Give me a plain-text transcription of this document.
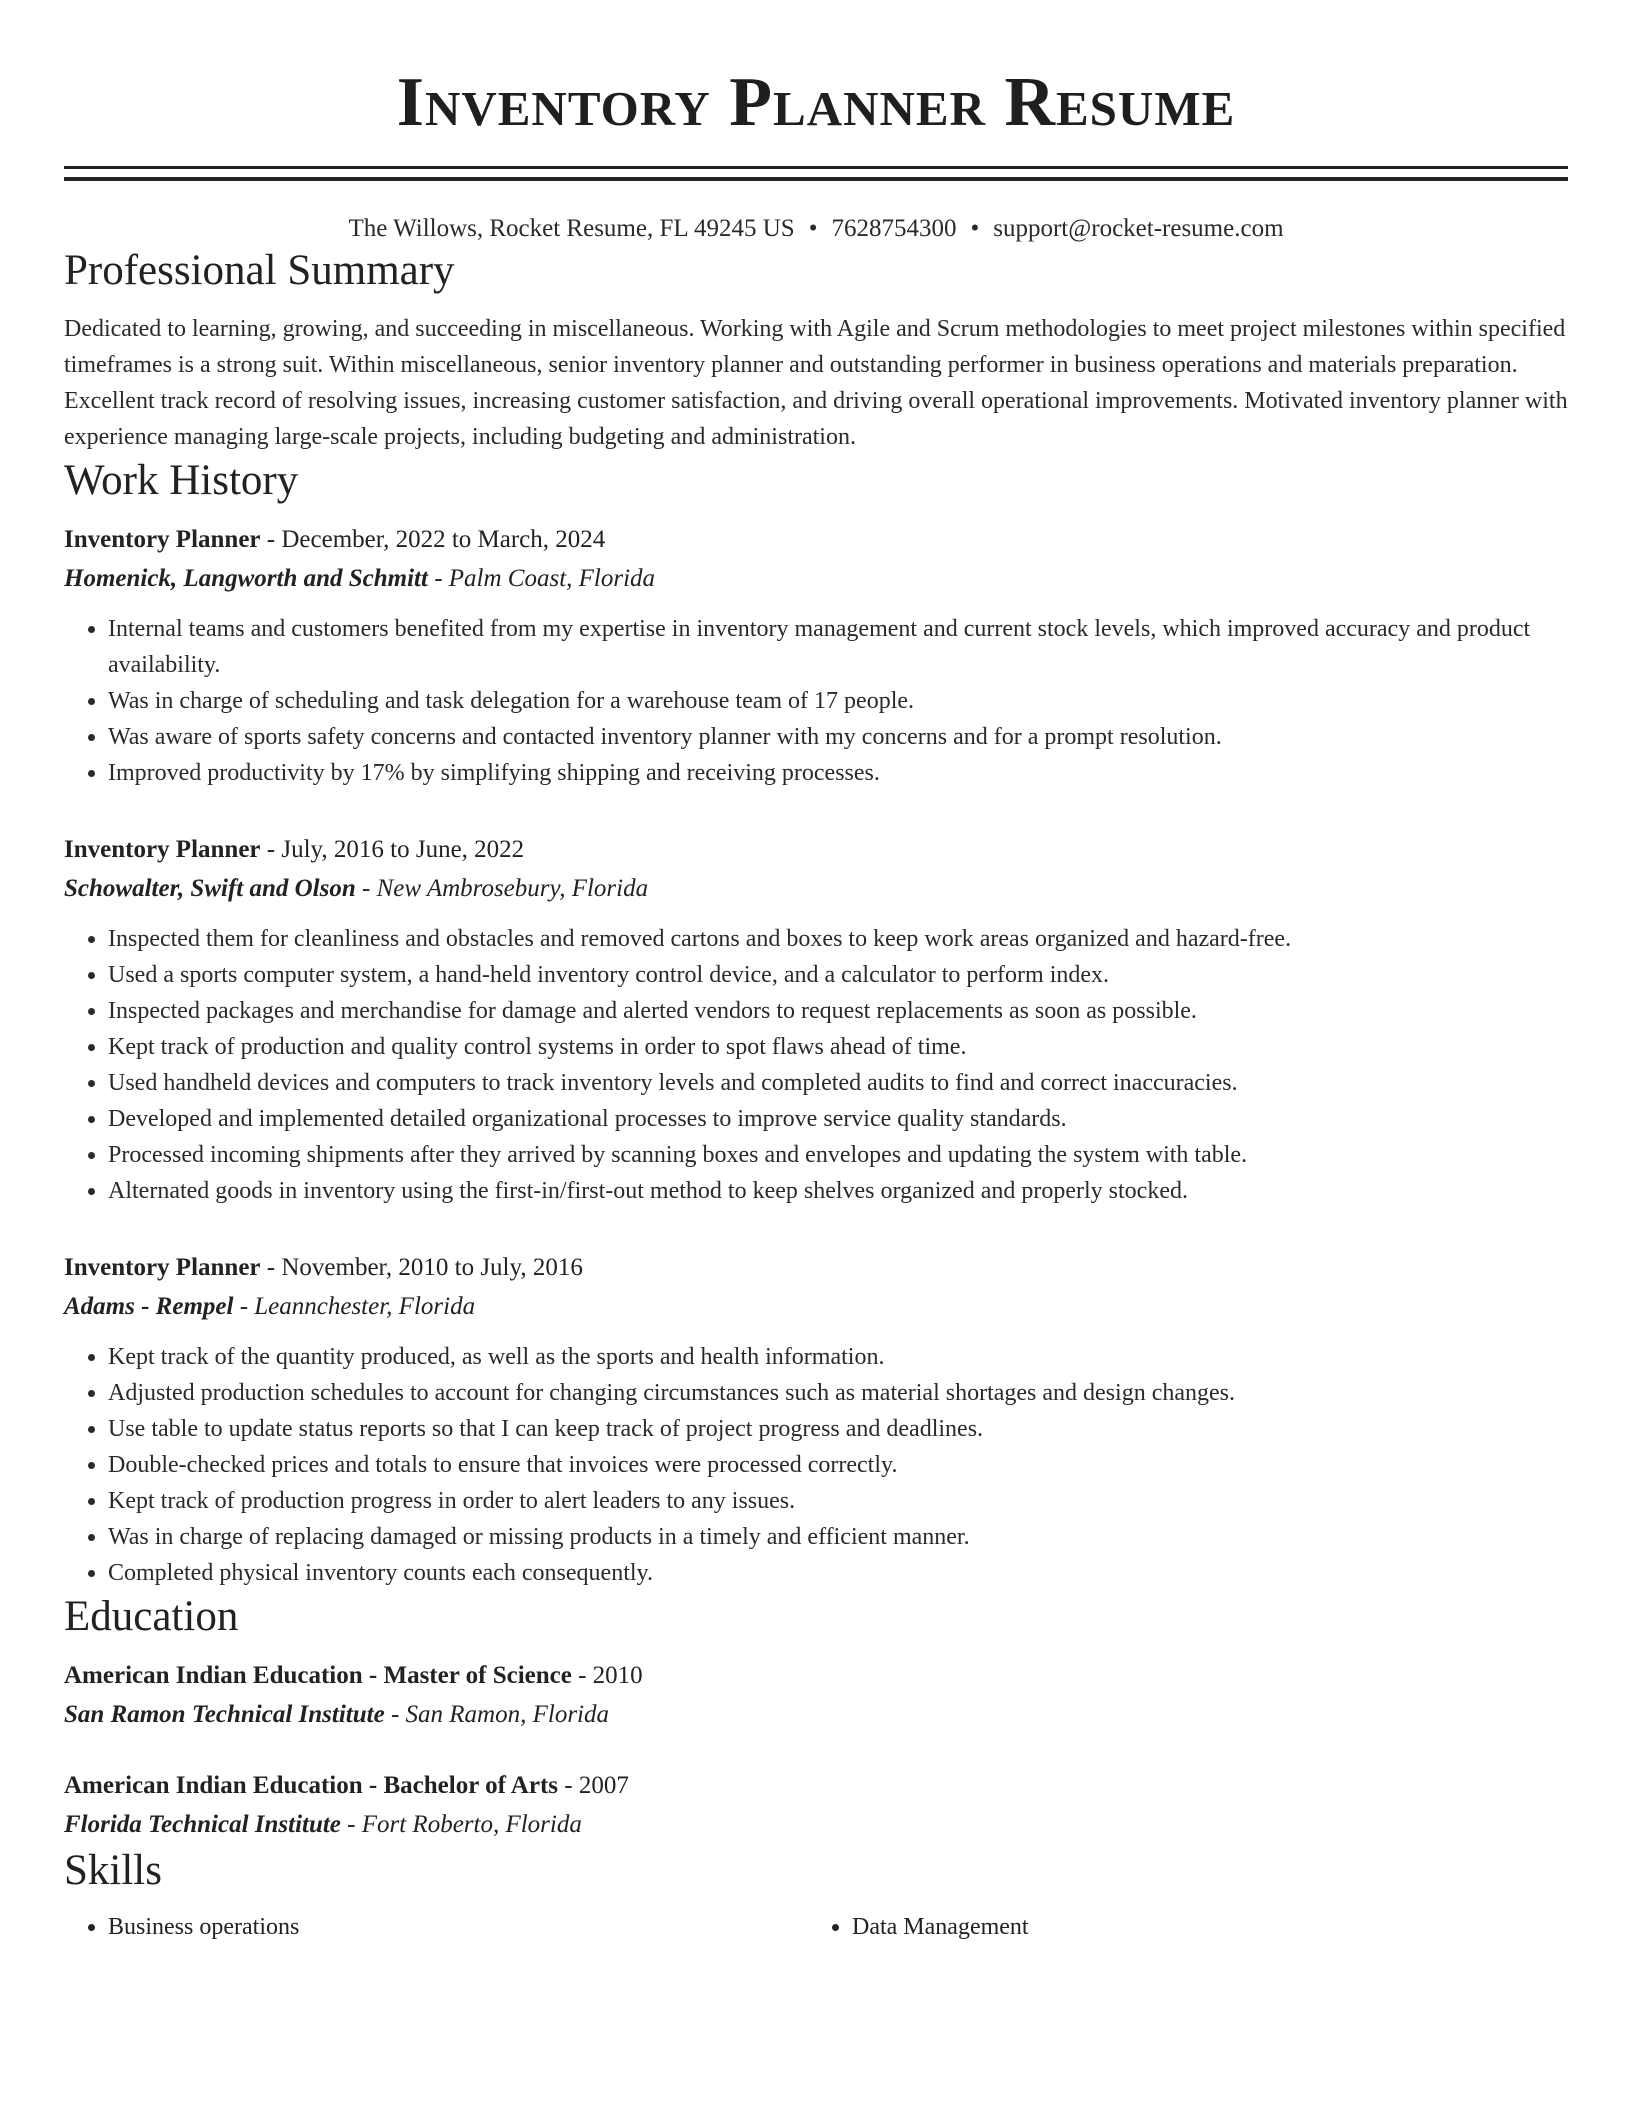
Inventory Planner Resume
The Willows, Rocket Resume, FL 49245 US • 7628754300 • support@rocket-resume.com
Professional Summary
Dedicated to learning, growing, and succeeding in miscellaneous. Working with Agile and Scrum methodologies to meet project milestones within specified timeframes is a strong suit. Within miscellaneous, senior inventory planner and outstanding performer in business operations and materials preparation. Excellent track record of resolving issues, increasing customer satisfaction, and driving overall operational improvements. Motivated inventory planner with experience managing large-scale projects, including budgeting and administration.
Work History
Inventory Planner - December, 2022 to March, 2024
Homenick, Langworth and Schmitt - Palm Coast, Florida
• Internal teams and customers benefited from my expertise in inventory management and current stock levels, which improved accuracy and product availability.
• Was in charge of scheduling and task delegation for a warehouse team of 17 people.
• Was aware of sports safety concerns and contacted inventory planner with my concerns and for a prompt resolution.
• Improved productivity by 17% by simplifying shipping and receiving processes.
Inventory Planner - July, 2016 to June, 2022
Schowalter, Swift and Olson - New Ambrosebury, Florida
• Inspected them for cleanliness and obstacles and removed cartons and boxes to keep work areas organized and hazard-free.
• Used a sports computer system, a hand-held inventory control device, and a calculator to perform index.
• Inspected packages and merchandise for damage and alerted vendors to request replacements as soon as possible.
• Kept track of production and quality control systems in order to spot flaws ahead of time.
• Used handheld devices and computers to track inventory levels and completed audits to find and correct inaccuracies.
• Developed and implemented detailed organizational processes to improve service quality standards.
• Processed incoming shipments after they arrived by scanning boxes and envelopes and updating the system with table.
• Alternated goods in inventory using the first-in/first-out method to keep shelves organized and properly stocked.
Inventory Planner - November, 2010 to July, 2016
Adams - Rempel - Leannchester, Florida
• Kept track of the quantity produced, as well as the sports and health information.
• Adjusted production schedules to account for changing circumstances such as material shortages and design changes.
• Use table to update status reports so that I can keep track of project progress and deadlines.
• Double-checked prices and totals to ensure that invoices were processed correctly.
• Kept track of production progress in order to alert leaders to any issues.
• Was in charge of replacing damaged or missing products in a timely and efficient manner.
• Completed physical inventory counts each consequently.
Education
American Indian Education - Master of Science - 2010
San Ramon Technical Institute - San Ramon, Florida
American Indian Education - Bachelor of Arts - 2007
Florida Technical Institute - Fort Roberto, Florida
Skills
• Business operations
•	Data Management
